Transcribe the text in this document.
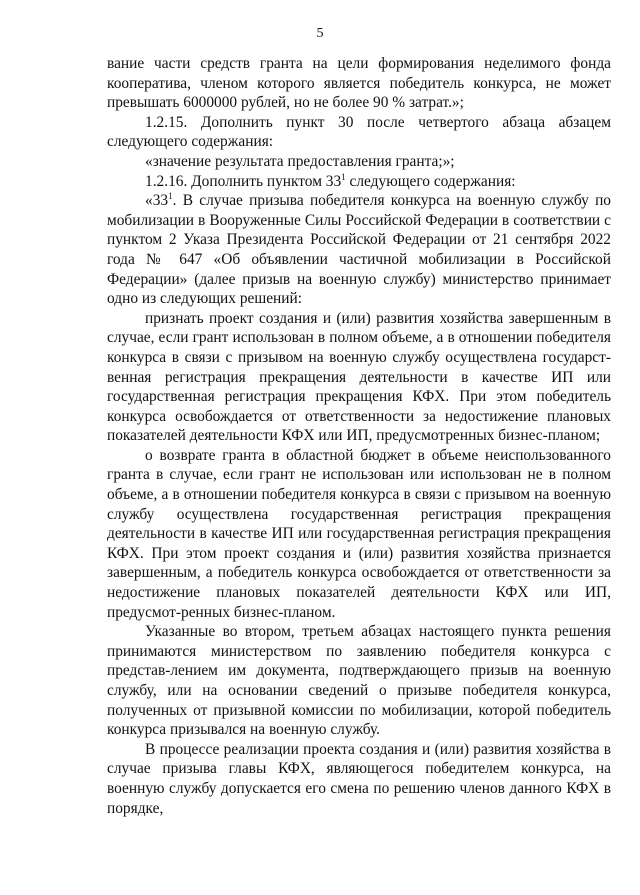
5

вание части средств гранта на цели формирования неделимого фонда кооператива, членом которого является победитель конкурса, не может превышать 6000000 рублей, но не более 90 % затрат.»;

1.2.15. Дополнить пункт 30 после четвертого абзаца абзацем следующего содержания:

«значение результата предоставления гранта;»;

1.2.16. Дополнить пунктом $33^1$ следующего содержания:

«$33^1$. В случае призыва победителя конкурса на военную службу по мобилизации в Вооруженные Силы Российской Федерации в соответствии с пунктом 2 Указа Президента Российской Федерации от 21 сентября 2022 года № 647 «Об объявлении частичной мобилизации в Российской Федерации» (далее призыв на военную службу) министерство принимает одно из следующих решений:

признать проект создания и (или) развития хозяйства завершенным в случае, если грант использован в полном объеме, а в отношении победителя конкурса в связи с призывом на военную службу осуществлена государст-венная регистрация прекращения деятельности в качестве ИП или государственная регистрация прекращения КФХ. При этом победитель конкурса освобождается от ответственности за недостижение плановых показателей деятельности КФХ или ИП, предусмотренных бизнес-планом;

о возврате гранта в областной бюджет в объеме неиспользованного гранта в случае, если грант не использован или использован не в полном объеме, а в отношении победителя конкурса в связи с призывом на военную службу осуществлена государственная регистрация прекращения деятельности в качестве ИП или государственная регистрация прекращения КФХ. При этом проект создания и (или) развития хозяйства признается завершенным, а победитель конкурса освобождается от ответственности за недостижение плановых показателей деятельности КФХ или ИП, предусмот-ренных бизнес-планом.

Указанные во втором, третьем абзацах настоящего пункта решения принимаются министерством по заявлению победителя конкурса с представ-лением им документа, подтверждающего призыв на военную службу, или на основании сведений о призыве победителя конкурса, полученных от призывной комиссии по мобилизации, которой победитель конкурса призывался на военную службу.

В процессе реализации проекта создания и (или) развития хозяйства в случае призыва главы КФХ, являющегося победителем конкурса, на военную службу допускается его смена по решению членов данного КФХ в порядке,
